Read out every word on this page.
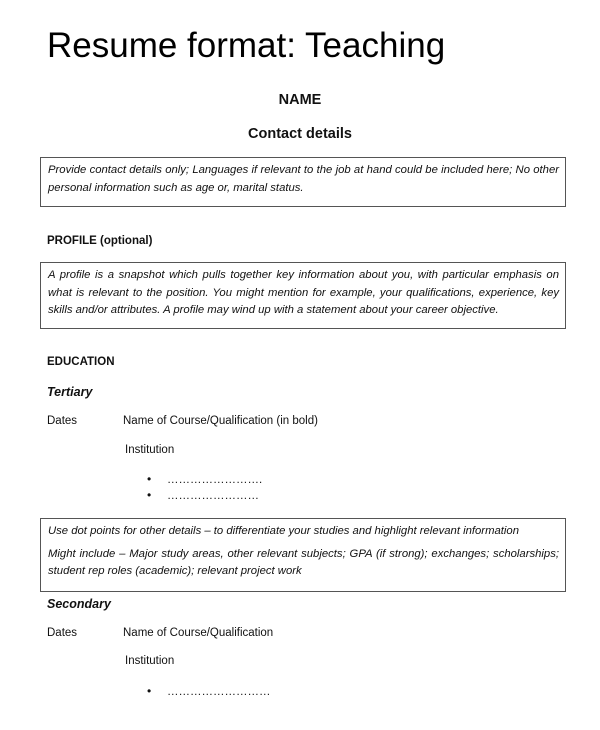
Resume format: Teaching
NAME
Contact details

Provide contact details only; Languages if relevant to the job at hand could be included here; No other personal information such as age or, marital status.

PROFILE (optional)

A profile is a snapshot which pulls together key information about you, with particular emphasis on what is relevant to the position. You might mention for example, your qualifications, experience, key skills and/or attributes. A profile may wind up with a statement about your career objective.

EDUCATION
Tertiary
Dates	Name of Course/Qualification (in bold)
Institution
• …………………….
• ……………………

Use dot points for other details – to differentiate your studies and highlight relevant information

Might include – Major study areas, other relevant subjects; GPA (if strong); exchanges; scholarships; student rep roles (academic); relevant project work

Secondary
Dates	Name of Course/Qualification
Institution
• ………………………
